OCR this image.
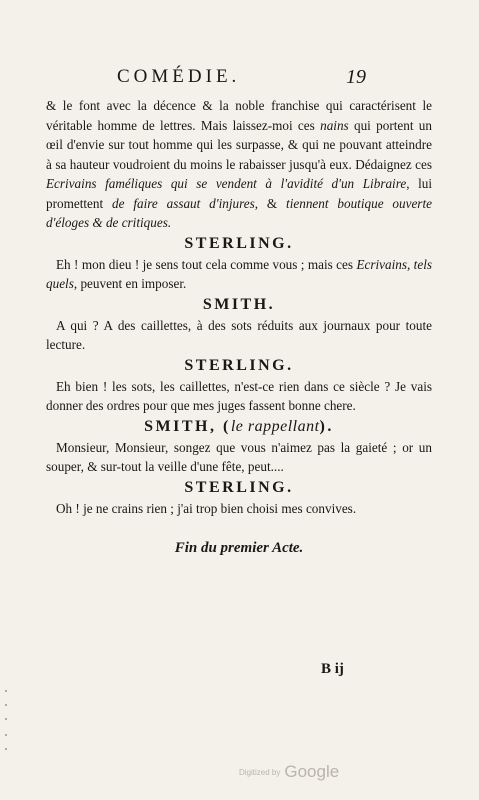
COMÉDIE.	19

& le font avec la décence & la noble franchise qui caractérisent le véritable homme de lettres. Mais laissez-moi ces nains qui portent un œil d'envie sur tout homme qui les surpasse, & qui ne pouvant atteindre à sa hauteur voudroient du moins le rabaisser jusqu'à eux. Dédaignez ces Ecrivains faméliques qui se vendent à l'avidité d'un Libraire, lui promettent de faire assaut d'injures, & tiennent boutique ouverte d'éloges & de critiques.

STERLING.

Eh ! mon dieu ! je sens tout cela comme vous ; mais ces Ecrivains, tels quels, peuvent en imposer.

SMITH.

A qui ? A des caillettes, à des sots réduits aux journaux pour toute lecture.

STERLING.

Eh bien ! les sots, les caillettes, n'est-ce rien dans ce siècle ? Je vais donner des ordres pour que mes juges fassent bonne chere.

SMITH, (le rappellant).

Monsieur, Monsieur, songez que vous n'aimez pas la gaieté ; or un souper, & sur-tout la veille d'une fête, peut....

STERLING.

Oh ! je ne crains rien ; j'ai trop bien choisi mes convives.

Fin du premier Acte.

B ij
Digitized by Google
